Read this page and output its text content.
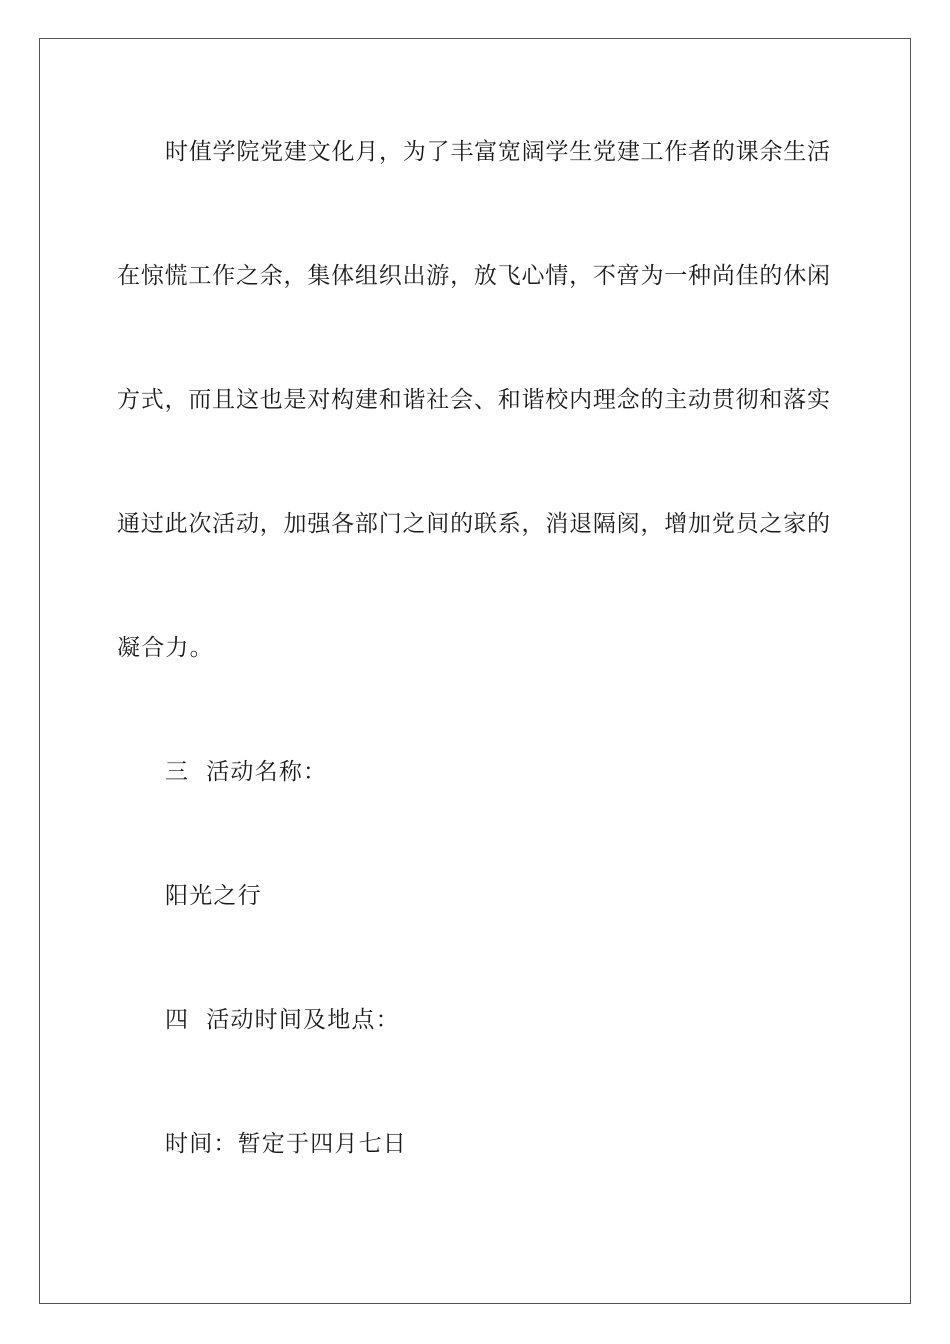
时值学院党建文化月，为了丰富宽阔学生党建工作者的课余生活
在惊慌工作之余，集体组织出游，放飞心情，不啻为一种尚佳的休闲
方式，而且这也是对构建和谐社会、和谐校内理念的主动贯彻和落实
通过此次活动，加强各部门之间的联系，消退隔阂，增加党员之家的
凝合力。
三  活动名称：
阳光之行
四  活动时间及地点：
时间：暂定于四月七日
